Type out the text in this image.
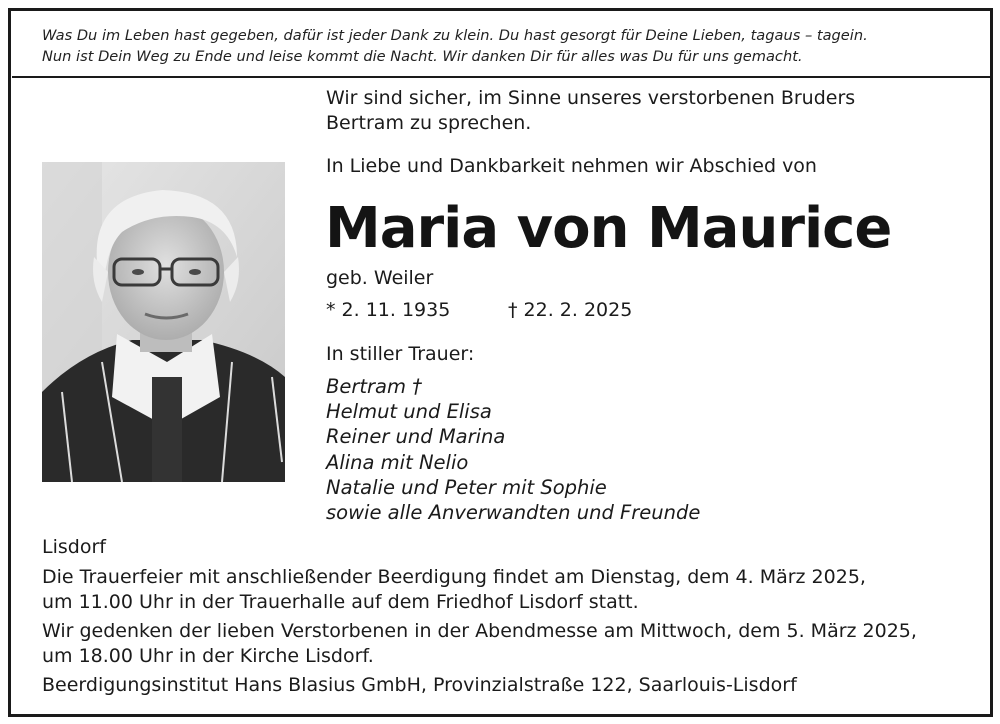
Was Du im Leben hast gegeben, dafür ist jeder Dank zu klein. Du hast gesorgt für Deine Lieben, tagaus – tagein.
Nun ist Dein Weg zu Ende und leise kommt die Nacht. Wir danken Dir für alles was Du für uns gemacht.
Wir sind sicher, im Sinne unseres verstorbenen Bruders
Bertram zu sprechen.
In Liebe und Dankbarkeit nehmen wir Abschied von
Maria von Maurice
geb. Weiler
* 2. 11. 1935	† 22. 2. 2025
In stiller Trauer:
Bertram †
Helmut und Elisa
Reiner und Marina
Alina mit Nelio
Natalie und Peter mit Sophie
sowie alle Anverwandten und Freunde
Lisdorf
Die Trauerfeier mit anschließender Beerdigung findet am Dienstag, dem 4. März 2025,
um 11.00 Uhr in der Trauerhalle auf dem Friedhof Lisdorf statt.
Wir gedenken der lieben Verstorbenen in der Abendmesse am Mittwoch, dem 5. März 2025,
um 18.00 Uhr in der Kirche Lisdorf.
Beerdigungsinstitut Hans Blasius GmbH, Provinzialstraße 122, Saarlouis-Lisdorf
